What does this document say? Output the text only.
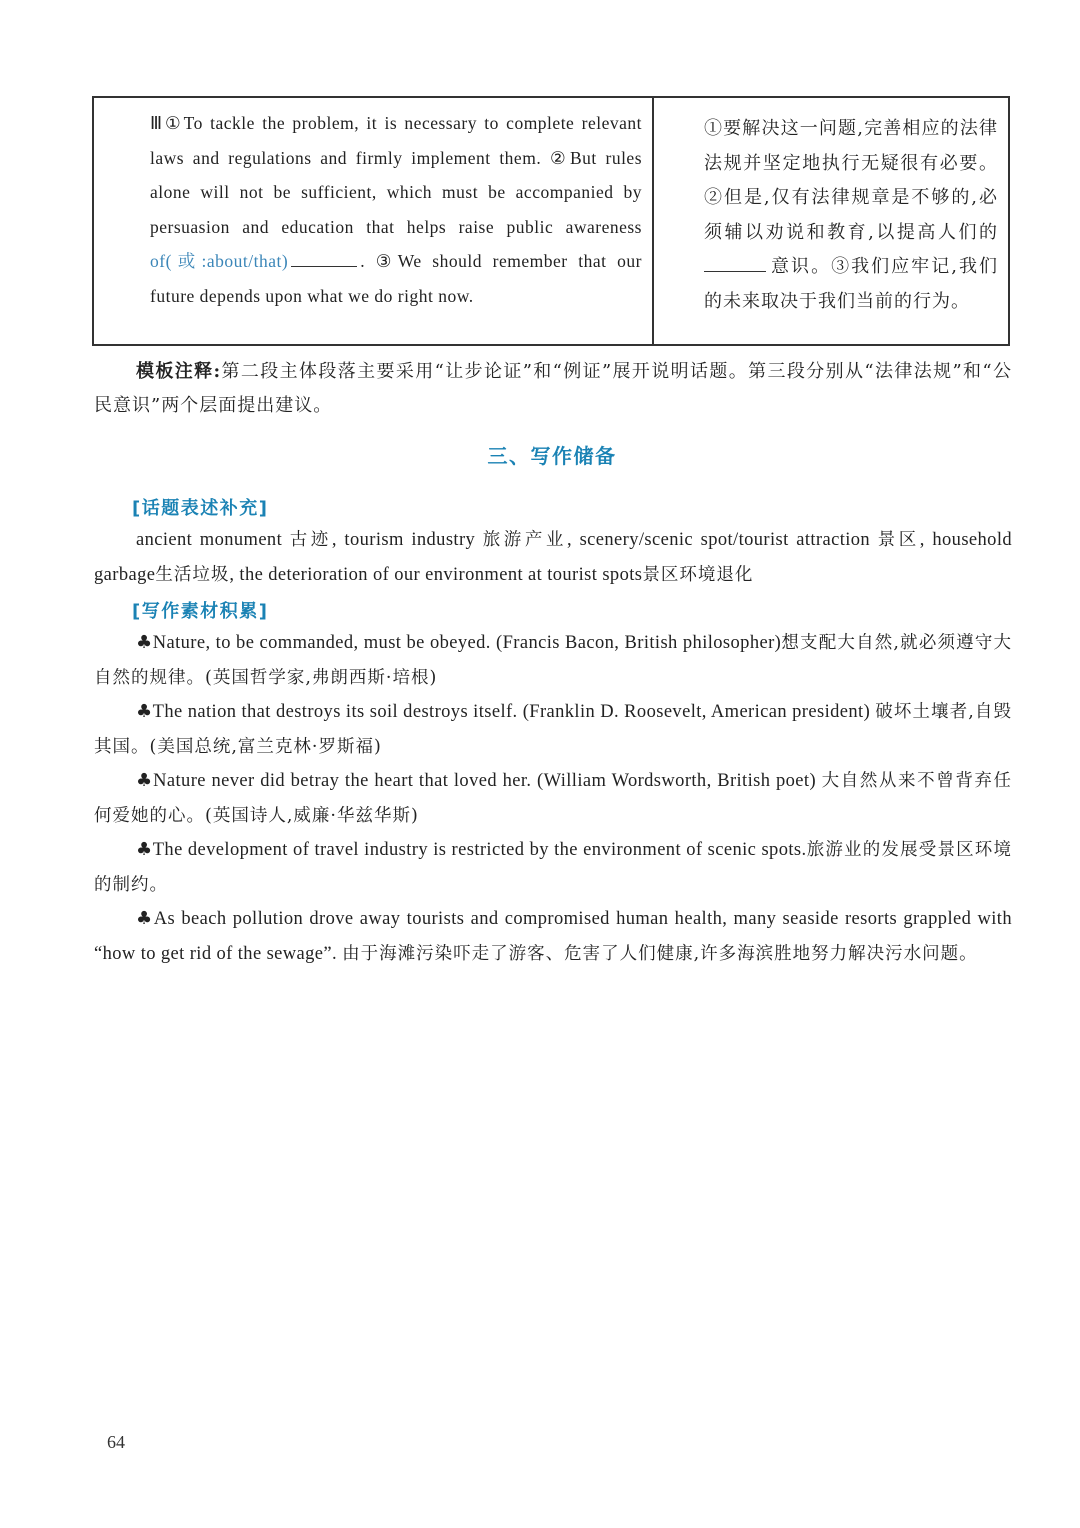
Ⅲ①To tackle the problem, it is necessary to complete relevant laws and regulations and firmly implement them. ②But rules alone will not be sufficient, which must be accompanied by persuasion and education that helps raise public awareness of(或:about/that)	. ③We should remember that our future depends upon what we do right now.
①要解决这一问题,完善相应的法律法规并坚定地执行无疑很有必要。②但是,仅有法律规章是不够的,必须辅以劝说和教育,以提高人们的意识。③我们应牢记,我们的未来取决于我们当前的行为。
模板注释:第二段主体段落主要采用“让步论证”和“例证”展开说明话题。第三段分别从“法律法规”和“公民意识”两个层面提出建议。
三、写作储备
[话题表述补充]
ancient monument 古迹, tourism industry 旅游产业, scenery/scenic spot/tourist attraction 景区, household garbage生活垃圾, the deterioration of our environment at tourist spots景区环境退化
[写作素材积累]
♣Nature, to be commanded, must be obeyed. (Francis Bacon, British philosopher)想支配大自然,就必须遵守大自然的规律。(英国哲学家,弗朗西斯·培根)
♣The nation that destroys its soil destroys itself. (Franklin D. Roosevelt, American president) 破坏土壤者,自毁其国。(美国总统,富兰克林·罗斯福)
♣Nature never did betray the heart that loved her. (William Wordsworth, British poet) 大自然从来不曾背弃任何爱她的心。(英国诗人,威廉·华兹华斯)
♣The development of travel industry is restricted by the environment of scenic spots.旅游业的发展受景区环境的制约。
♣As beach pollution drove away tourists and compromised human health, many seaside resorts grappled with “how to get rid of the sewage”. 由于海滩污染吓走了游客、危害了人们健康,许多海滨胜地努力解决污水问题。
64
